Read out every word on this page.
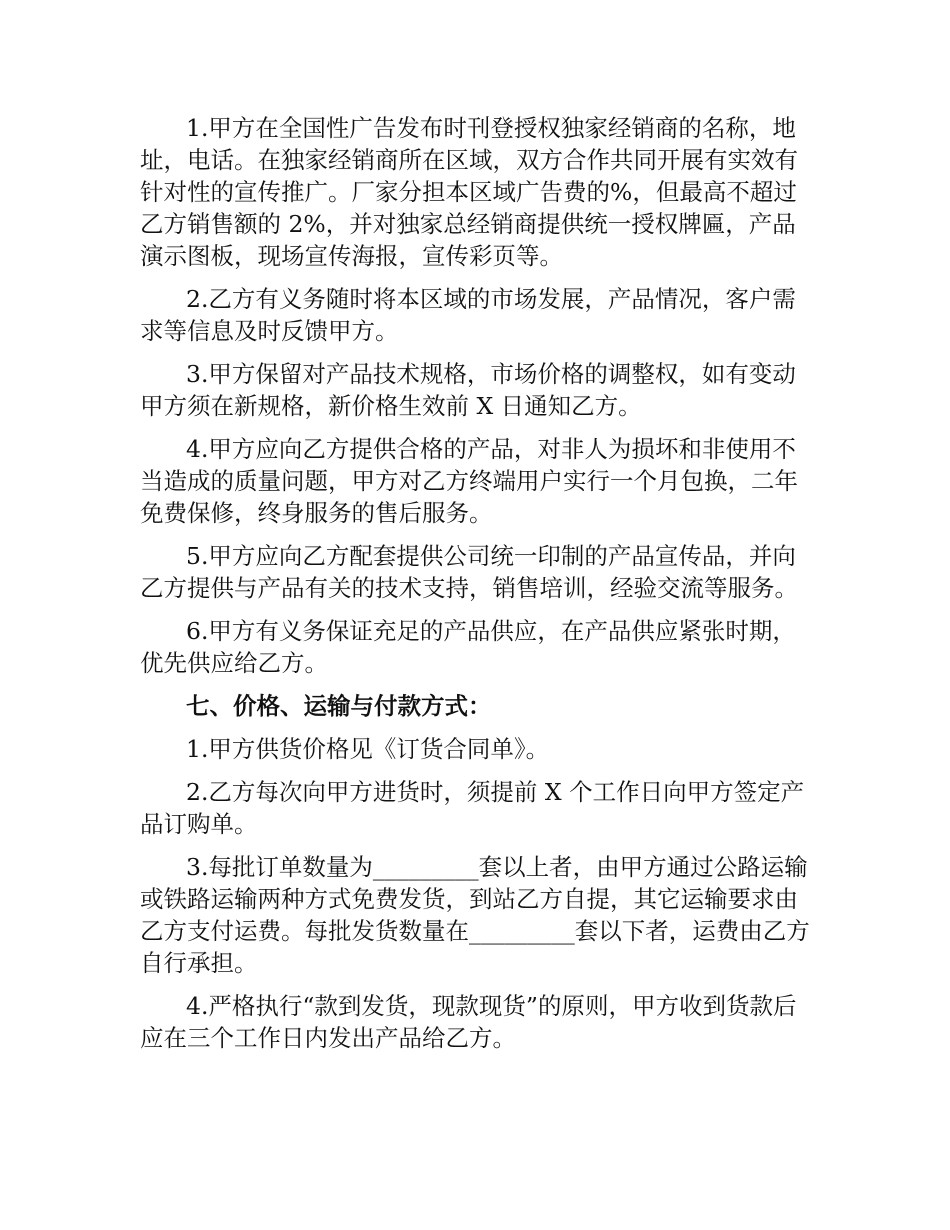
1.甲方在全国性广告发布时刊登授权独家经销商的名称，地址，电话。在独家经销商所在区域，双方合作共同开展有实效有针对性的宣传推广。厂家分担本区域广告费的%，但最高不超过乙方销售额的 2%，并对独家总经销商提供统一授权牌匾，产品演示图板，现场宣传海报，宣传彩页等。

2.乙方有义务随时将本区域的市场发展，产品情况，客户需求等信息及时反馈甲方。

3.甲方保留对产品技术规格，市场价格的调整权，如有变动甲方须在新规格，新价格生效前 X 日通知乙方。

4.甲方应向乙方提供合格的产品，对非人为损坏和非使用不当造成的质量问题，甲方对乙方终端用户实行一个月包换，二年免费保修，终身服务的售后服务。

5.甲方应向乙方配套提供公司统一印制的产品宣传品，并向乙方提供与产品有关的技术支持，销售培训，经验交流等服务。

6.甲方有义务保证充足的产品供应，在产品供应紧张时期，优先供应给乙方。

七、价格、运输与付款方式：

1.甲方供货价格见《订货合同单》。

2.乙方每次向甲方进货时，须提前 X 个工作日向甲方签定产品订购单。

3.每批订单数量为_________套以上者，由甲方通过公路运输或铁路运输两种方式免费发货，到站乙方自提，其它运输要求由乙方支付运费。每批发货数量在_________套以下者，运费由乙方自行承担。

4.严格执行“款到发货，现款现货”的原则，甲方收到货款后应在三个工作日内发出产品给乙方。
